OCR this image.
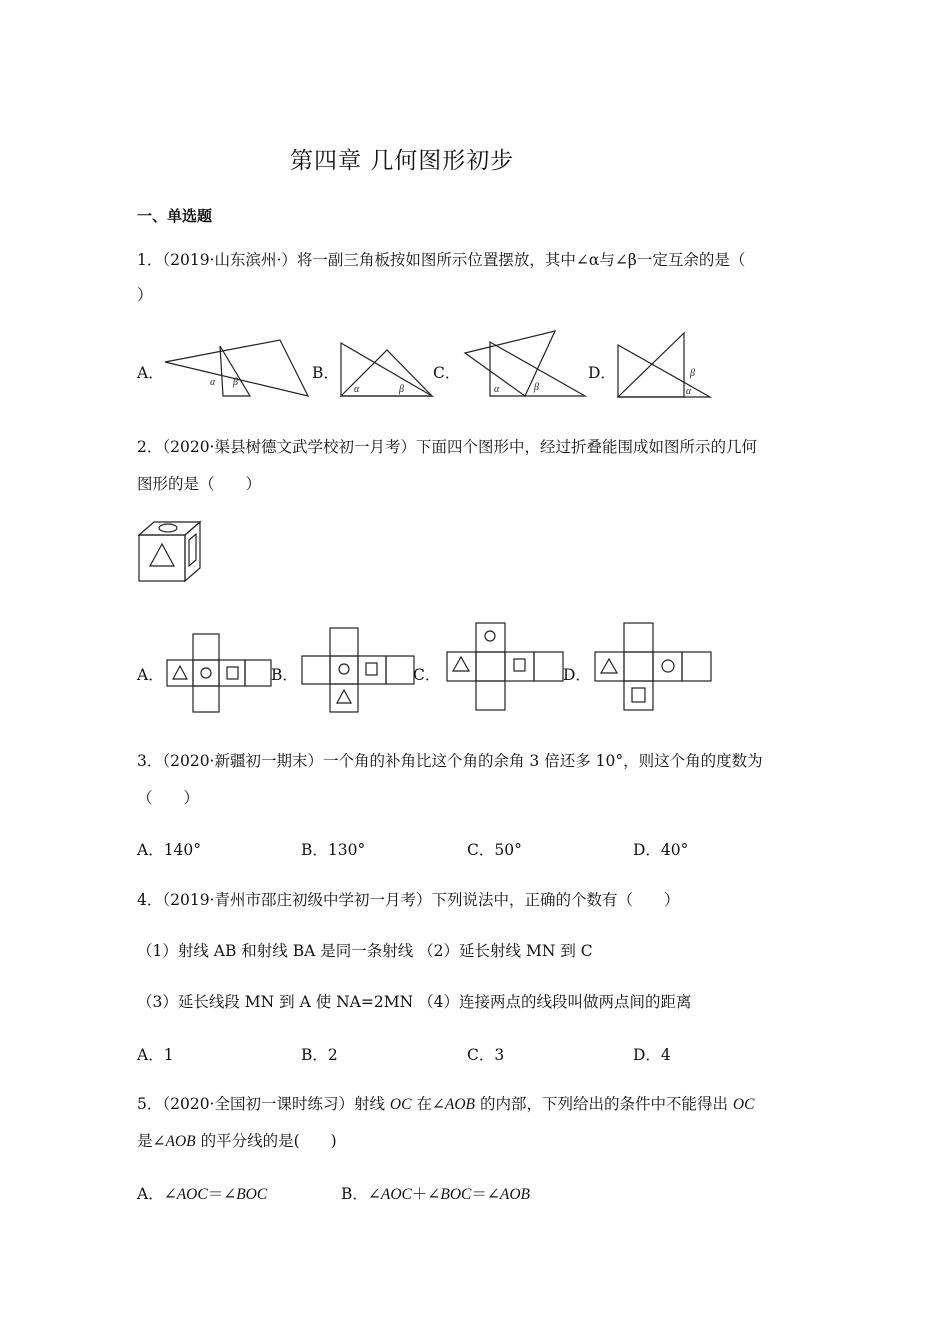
第四章 几何图形初步
一、单选题
1．（2019·山东滨州·）将一副三角板按如图所示位置摆放，其中∠α与∠β一定互余的是（
）
A．
α β
B．
α	β
C．
α	β
D．	β
α
2．（2020·渠县树德文武学校初一月考）下面四个图形中，经过折叠能围成如图所示的几何
图形的是（　　）
A．	B．	C．	D．
3．（2020·新疆初一期末）一个角的补角比这个角的余角 3 倍还多 10°，则这个角的度数为
（　　）
A．140°	B．130°	C．50°	D．40°
4．（2019·青州市邵庄初级中学初一月考）下列说法中，正确的个数有（　　）
（1）射线 AB 和射线 BA 是同一条射线 （2）延长射线 MN 到 C
（3）延长线段 MN 到 A 使 NA=2MN （4）连接两点的线段叫做两点间的距离
A．1	B．2	C．3	D．4
5．（2020·全国初一课时练习）射线 OC 在∠AOB 的内部，下列给出的条件中不能得出 OC
是∠AOB 的平分线的是(　　)
A．∠AOC＝∠BOC	B．∠AOC＋∠BOC＝∠AOB
